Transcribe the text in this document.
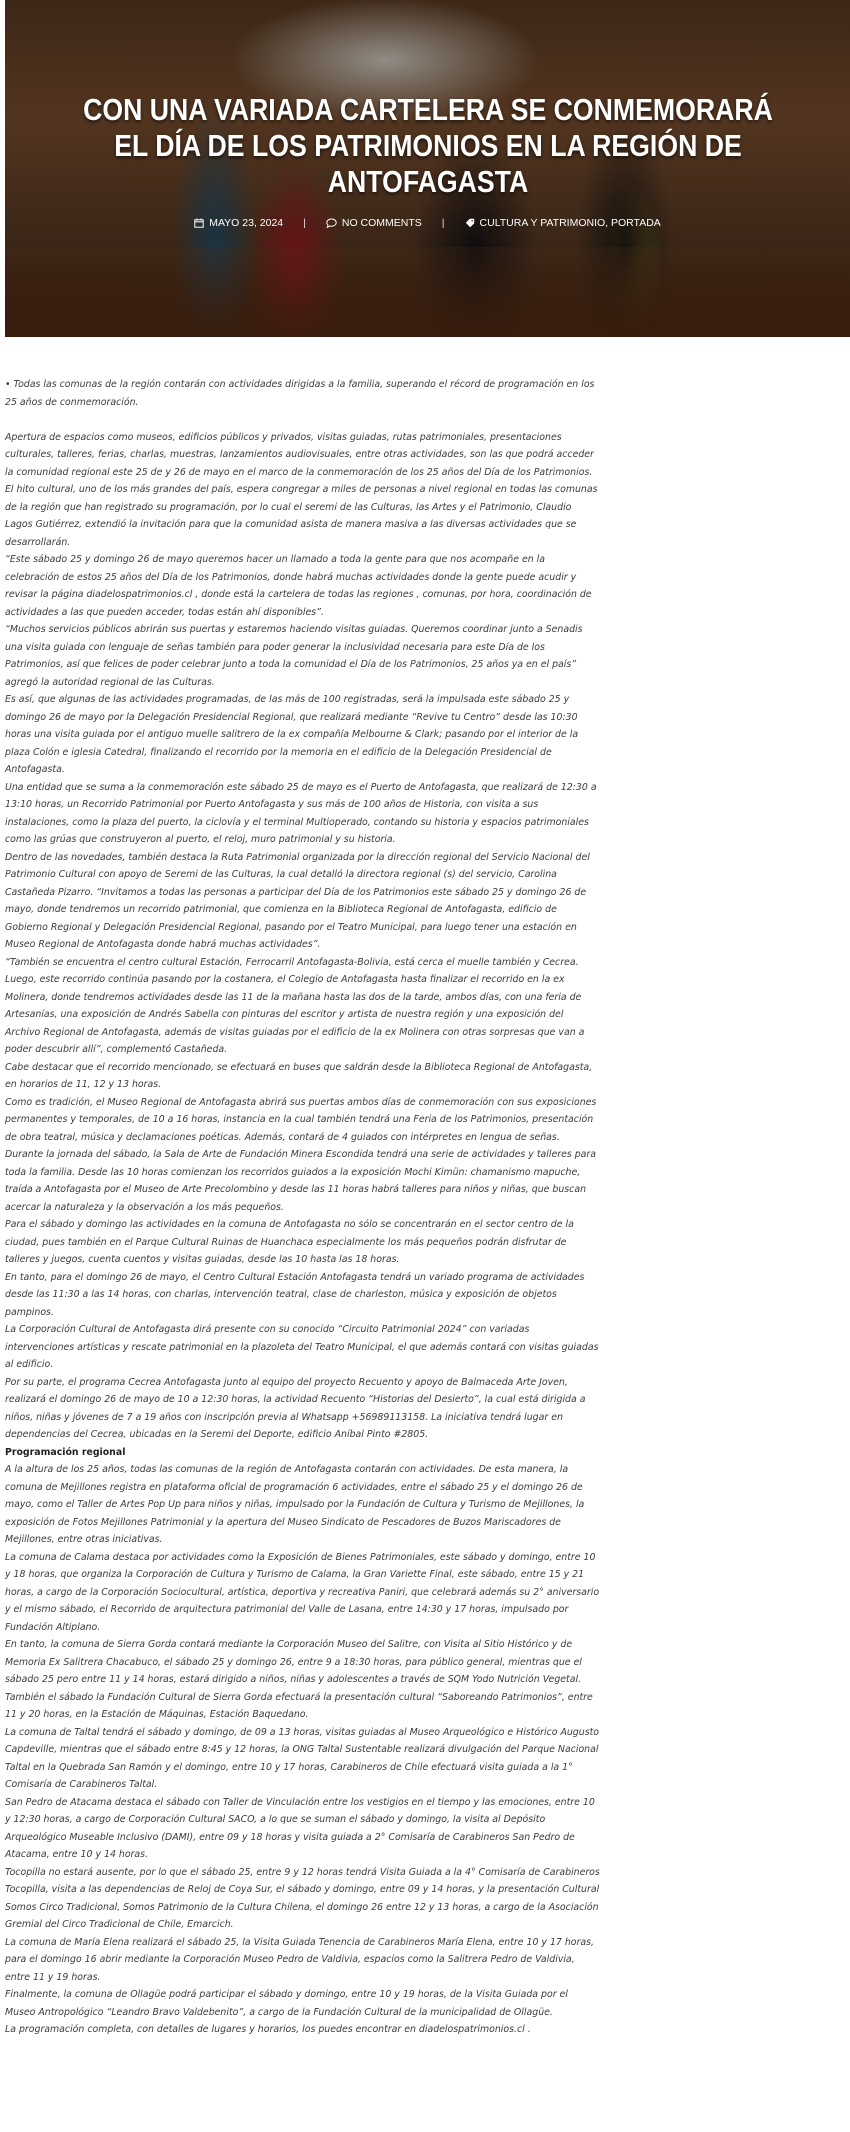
CON UNA VARIADA CARTELERA SE CONMEMORARÁ EL DÍA DE LOS PATRIMONIOS EN LA REGIÓN DE ANTOFAGASTA
MAYO 23, 2024 |	NO COMMENTS |	CULTURA Y PATRIMONIO, PORTADA

• Todas las comunas de la región contarán con actividades dirigidas a la familia, superando el récord de programación en los 25 años de conmemoración.

Apertura de espacios como museos, edificios públicos y privados, visitas guiadas, rutas patrimoniales, presentaciones culturales, talleres, ferias, charlas, muestras, lanzamientos audiovisuales, entre otras actividades, son las que podrá acceder la comunidad regional este 25 de y 26 de mayo en el marco de la conmemoración de los 25 años del Día de los Patrimonios.

El hito cultural, uno de los más grandes del país, espera congregar a miles de personas a nivel regional en todas las comunas de la región que han registrado su programación, por lo cual el seremi de las Culturas, las Artes y el Patrimonio, Claudio Lagos Gutiérrez, extendió la invitación para que la comunidad asista de manera masiva a las diversas actividades que se desarrollarán.

“Este sábado 25 y domingo 26 de mayo queremos hacer un llamado a toda la gente para que nos acompañe en la celebración de estos 25 años del Día de los Patrimonios, donde habrá muchas actividades donde la gente puede acudir y revisar la página diadelospatrimonios.cl , donde está la cartelera de todas las regiones , comunas, por hora, coordinación de actividades a las que pueden acceder, todas están ahí disponibles”.

“Muchos servicios públicos abrirán sus puertas y estaremos haciendo visitas guiadas. Queremos coordinar junto a Senadis una visita guiada con lenguaje de señas también para poder generar la inclusividad necesaria para este Día de los Patrimonios, así que felices de poder celebrar junto a toda la comunidad el Día de los Patrimonios, 25 años ya en el país” agregó la autoridad regional de las Culturas.

Es así, que algunas de las actividades programadas, de las más de 100 registradas, será la impulsada este sábado 25 y domingo 26 de mayo por la Delegación Presidencial Regional, que realizará mediante “Revive tu Centro” desde las 10:30 horas una visita guiada por el antiguo muelle salitrero de la ex compañía Melbourne & Clark; pasando por el interior de la plaza Colón e iglesia Catedral, finalizando el recorrido por la memoria en el edificio de la Delegación Presidencial de Antofagasta.

Una entidad que se suma a la conmemoración este sábado 25 de mayo es el Puerto de Antofagasta, que realizará de 12:30 a 13:10 horas, un Recorrido Patrimonial por Puerto Antofagasta y sus más de 100 años de Historia, con visita a sus instalaciones, como la plaza del puerto, la ciclovía y el terminal Multioperado, contando su historia y espacios patrimoniales como las grúas que construyeron al puerto, el reloj, muro patrimonial y su historia.

Dentro de las novedades, también destaca la Ruta Patrimonial organizada por la dirección regional del Servicio Nacional del Patrimonio Cultural con apoyo de Seremi de las Culturas, la cual detalló la directora regional (s) del servicio, Carolina Castañeda Pizarro. “Invitamos a todas las personas a participar del Día de los Patrimonios este sábado 25 y domingo 26 de mayo, donde tendremos un recorrido patrimonial, que comienza en la Biblioteca Regional de Antofagasta, edificio de Gobierno Regional y Delegación Presidencial Regional, pasando por el Teatro Municipal, para luego tener una estación en Museo Regional de Antofagasta donde habrá muchas actividades”.

“También se encuentra el centro cultural Estación, Ferrocarril Antofagasta-Bolivia, está cerca el muelle también y Cecrea. Luego, este recorrido continúa pasando por la costanera, el Colegio de Antofagasta hasta finalizar el recorrido en la ex Molinera, donde tendremos actividades desde las 11 de la mañana hasta las dos de la tarde, ambos días, con una feria de Artesanías, una exposición de Andrés Sabella con pinturas del escritor y artista de nuestra región y una exposición del Archivo Regional de Antofagasta, además de visitas guiadas por el edificio de la ex Molinera con otras sorpresas que van a poder descubrir allí”, complementó Castañeda.

Cabe destacar que el recorrido mencionado, se efectuará en buses que saldrán desde la Biblioteca Regional de Antofagasta, en horarios de 11, 12 y 13 horas.

Como es tradición, el Museo Regional de Antofagasta abrirá sus puertas ambos días de conmemoración con sus exposiciones permanentes y temporales, de 10 a 16 horas, instancia en la cual también tendrá una Feria de los Patrimonios, presentación de obra teatral, música y declamaciones poéticas. Además, contará de 4 guiados con intérpretes en lengua de señas.

Durante la jornada del sábado, la Sala de Arte de Fundación Minera Escondida tendrá una serie de actividades y talleres para toda la familia. Desde las 10 horas comienzan los recorridos guiados a la exposición Mochi Kimün: chamanismo mapuche, traída a Antofagasta por el Museo de Arte Precolombino y desde las 11 horas habrá talleres para niños y niñas, que buscan acercar la naturaleza y la observación a los más pequeños.

Para el sábado y domingo las actividades en la comuna de Antofagasta no sólo se concentrarán en el sector centro de la ciudad, pues también en el Parque Cultural Ruinas de Huanchaca especialmente los más pequeños podrán disfrutar de talleres y juegos, cuenta cuentos y visitas guiadas, desde las 10 hasta las 18 horas.

En tanto, para el domingo 26 de mayo, el Centro Cultural Estación Antofagasta tendrá un variado programa de actividades desde las 11:30 a las 14 horas, con charlas, intervención teatral, clase de charleston, música y exposición de objetos pampinos.

La Corporación Cultural de Antofagasta dirá presente con su conocido “Circuito Patrimonial 2024” con variadas intervenciones artísticas y rescate patrimonial en la plazoleta del Teatro Municipal, el que además contará con visitas guiadas al edificio.

Por su parte, el programa Cecrea Antofagasta junto al equipo del proyecto Recuento y apoyo de Balmaceda Arte Joven, realizará el domingo 26 de mayo de 10 a 12:30 horas, la actividad Recuento “Historias del Desierto”, la cual está dirigida a niños, niñas y jóvenes de 7 a 19 años con inscripción previa al Whatsapp +56989113158. La iniciativa tendrá lugar en dependencias del Cecrea, ubicadas en la Seremi del Deporte, edificio Aníbal Pinto #2805.

Programación regional

A la altura de los 25 años, todas las comunas de la región de Antofagasta contarán con actividades. De esta manera, la comuna de Mejillones registra en plataforma oficial de programación 6 actividades, entre el sábado 25 y el domingo 26 de mayo, como el Taller de Artes Pop Up para niños y niñas, impulsado por la Fundación de Cultura y Turismo de Mejillones, la exposición de Fotos Mejillones Patrimonial y la apertura del Museo Sindicato de Pescadores de Buzos Mariscadores de Mejillones, entre otras iniciativas.

La comuna de Calama destaca por actividades como la Exposición de Bienes Patrimoniales, este sábado y domingo, entre 10 y 18 horas, que organiza la Corporación de Cultura y Turismo de Calama, la Gran Variette Final, este sábado, entre 15 y 21 horas, a cargo de la Corporación Sociocultural, artística, deportiva y recreativa Paniri, que celebrará además su 2° aniversario y el mismo sábado, el Recorrido de arquitectura patrimonial del Valle de Lasana, entre 14:30 y 17 horas, impulsado por Fundación Altiplano.

En tanto, la comuna de Sierra Gorda contará mediante la Corporación Museo del Salitre, con Visita al Sitio Histórico y de Memoria Ex Salitrera Chacabuco, el sábado 25 y domingo 26, entre 9 a 18:30 horas, para público general, mientras que el sábado 25 pero entre 11 y 14 horas, estará dirigido a niños, niñas y adolescentes a través de SQM Yodo Nutrición Vegetal. También el sábado la Fundación Cultural de Sierra Gorda efectuará la presentación cultural “Saboreando Patrimonios”, entre 11 y 20 horas, en la Estación de Máquinas, Estación Baquedano.

La comuna de Taltal tendrá el sábado y domingo, de 09 a 13 horas, visitas guiadas al Museo Arqueológico e Histórico Augusto Capdeville, mientras que el sábado entre 8:45 y 12 horas, la ONG Taltal Sustentable realizará divulgación del Parque Nacional Taltal en la Quebrada San Ramón y el domingo, entre 10 y 17 horas, Carabineros de Chile efectuará visita guiada a la 1° Comisaría de Carabineros Taltal.

San Pedro de Atacama destaca el sábado con Taller de Vinculación entre los vestigios en el tiempo y las emociones, entre 10 y 12:30 horas, a cargo de Corporación Cultural SACO, a lo que se suman el sábado y domingo, la visita al Depósito Arqueológico Museable Inclusivo (DAMI), entre 09 y 18 horas y visita guiada a 2° Comisaría de Carabineros San Pedro de Atacama, entre 10 y 14 horas.

Tocopilla no estará ausente, por lo que el sábado 25, entre 9 y 12 horas tendrá Visita Guiada a la 4° Comisaría de Carabineros Tocopilla, visita a las dependencias de Reloj de Coya Sur, el sábado y domingo, entre 09 y 14 horas, y la presentación Cultural Somos Circo Tradicional, Somos Patrimonio de la Cultura Chilena, el domingo 26 entre 12 y 13 horas, a cargo de la Asociación Gremial del Circo Tradicional de Chile, Emarcich.

La comuna de María Elena realizará el sábado 25, la Visita Guiada Tenencia de Carabineros María Elena, entre 10 y 17 horas, para el domingo 16 abrir mediante la Corporación Museo Pedro de Valdivia, espacios como la Salitrera Pedro de Valdivia, entre 11 y 19 horas.

Finalmente, la comuna de Ollagüe podrá participar el sábado y domingo, entre 10 y 19 horas, de la Visita Guiada por el Museo Antropológico “Leandro Bravo Valdebenito”, a cargo de la Fundación Cultural de la municipalidad de Ollagüe.

La programación completa, con detalles de lugares y horarios, los puedes encontrar en diadelospatrimonios.cl .
